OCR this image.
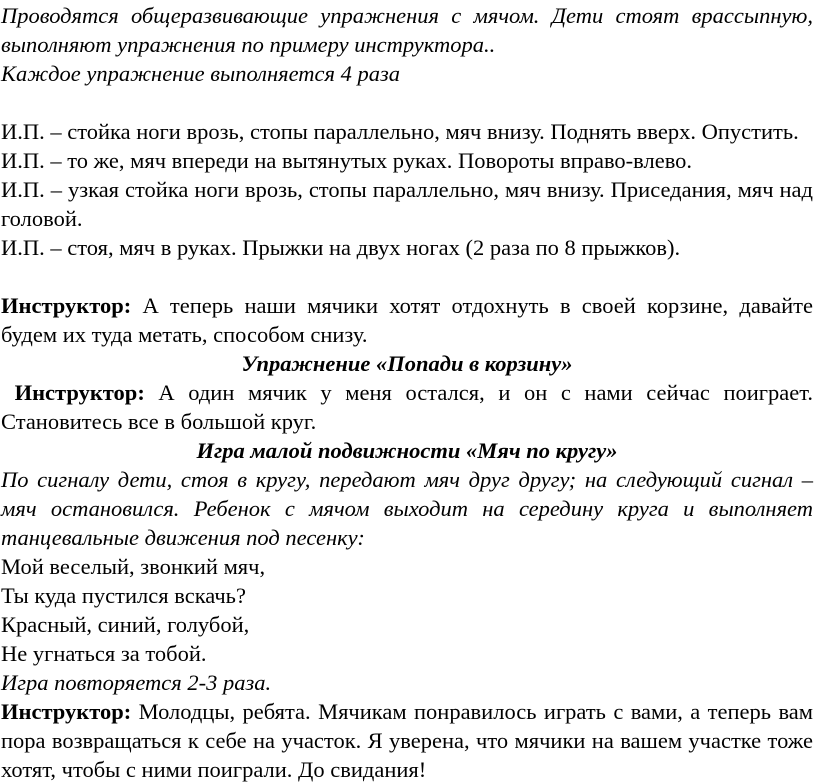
Проводятся общеразвивающие упражнения с мячом. Дети стоят врассыпную, выполняют упражнения по примеру инструктора..

Каждое упражнение выполняется 4 раза

И.П. – стойка ноги врозь, стопы параллельно, мяч внизу. Поднять вверх. Опустить.

И.П. – то же, мяч впереди на вытянутых руках. Повороты вправо-влево.

И.П. – узкая стойка ноги врозь, стопы параллельно, мяч внизу. Приседания, мяч над головой.

И.П. – стоя, мяч в руках. Прыжки на двух ногах (2 раза по 8 прыжков).

Инструктор: А теперь наши мячики хотят отдохнуть в своей корзине, давайте будем их туда метать, способом снизу.

Упражнение «Попади в корзину»

Инструктор: А один мячик у меня остался, и он с нами сейчас поиграет. Становитесь все в большой круг.

Игра малой подвижности «Мяч по кругу»

По сигналу дети, стоя в кругу, передают мяч друг другу; на следующий сигнал – мяч остановился. Ребенок с мячом выходит на середину круга и выполняет танцевальные движения под песенку:

Мой веселый, звонкий мяч,

Ты куда пустился вскачь?

Красный, синий, голубой,

Не угнаться за тобой.

Игра повторяется 2-3 раза.

Инструктор: Молодцы, ребята. Мячикам понравилось играть с вами, а теперь вам пора возвращаться к себе на участок. Я уверена, что мячики на вашем участке тоже хотят, чтобы с ними поиграли. До свидания!
